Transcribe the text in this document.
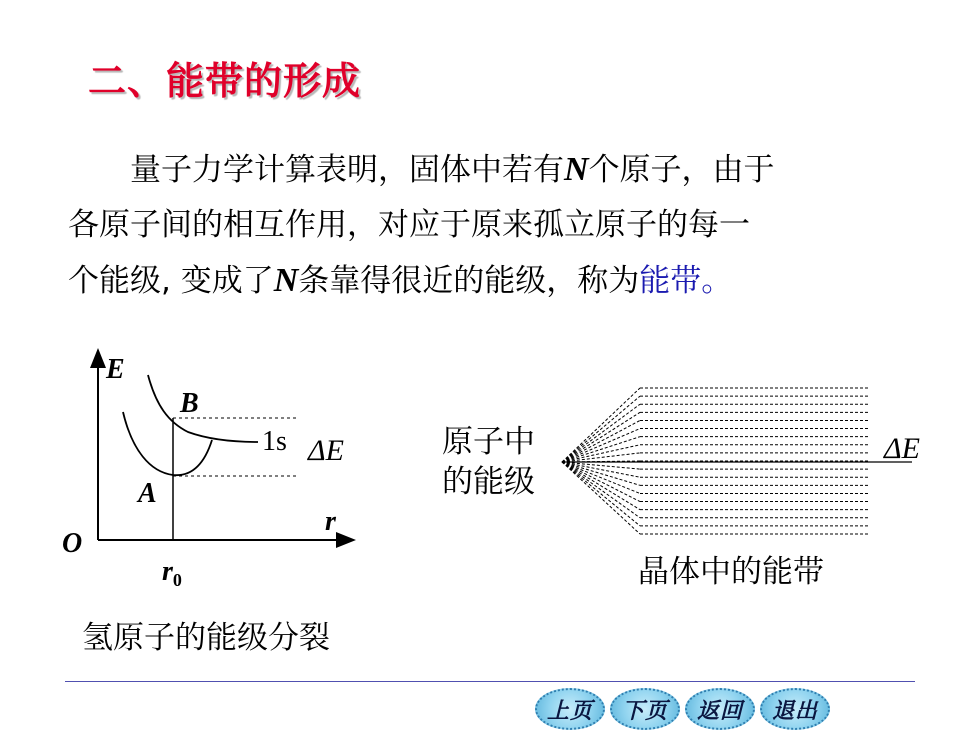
二、能带的形成
量子力学计算表明，固体中若有N个原子，由于
各原子间的相互作用，对应于原来孤立原子的每一
个能级, 变成了N条靠得很近的能级，称为能带。
E
B
1s ΔE
A
r
O
$r_0$
氢原子的能级分裂
ΔE
原子中
的能级
晶体中的能带
上页	下页	返回	退出
